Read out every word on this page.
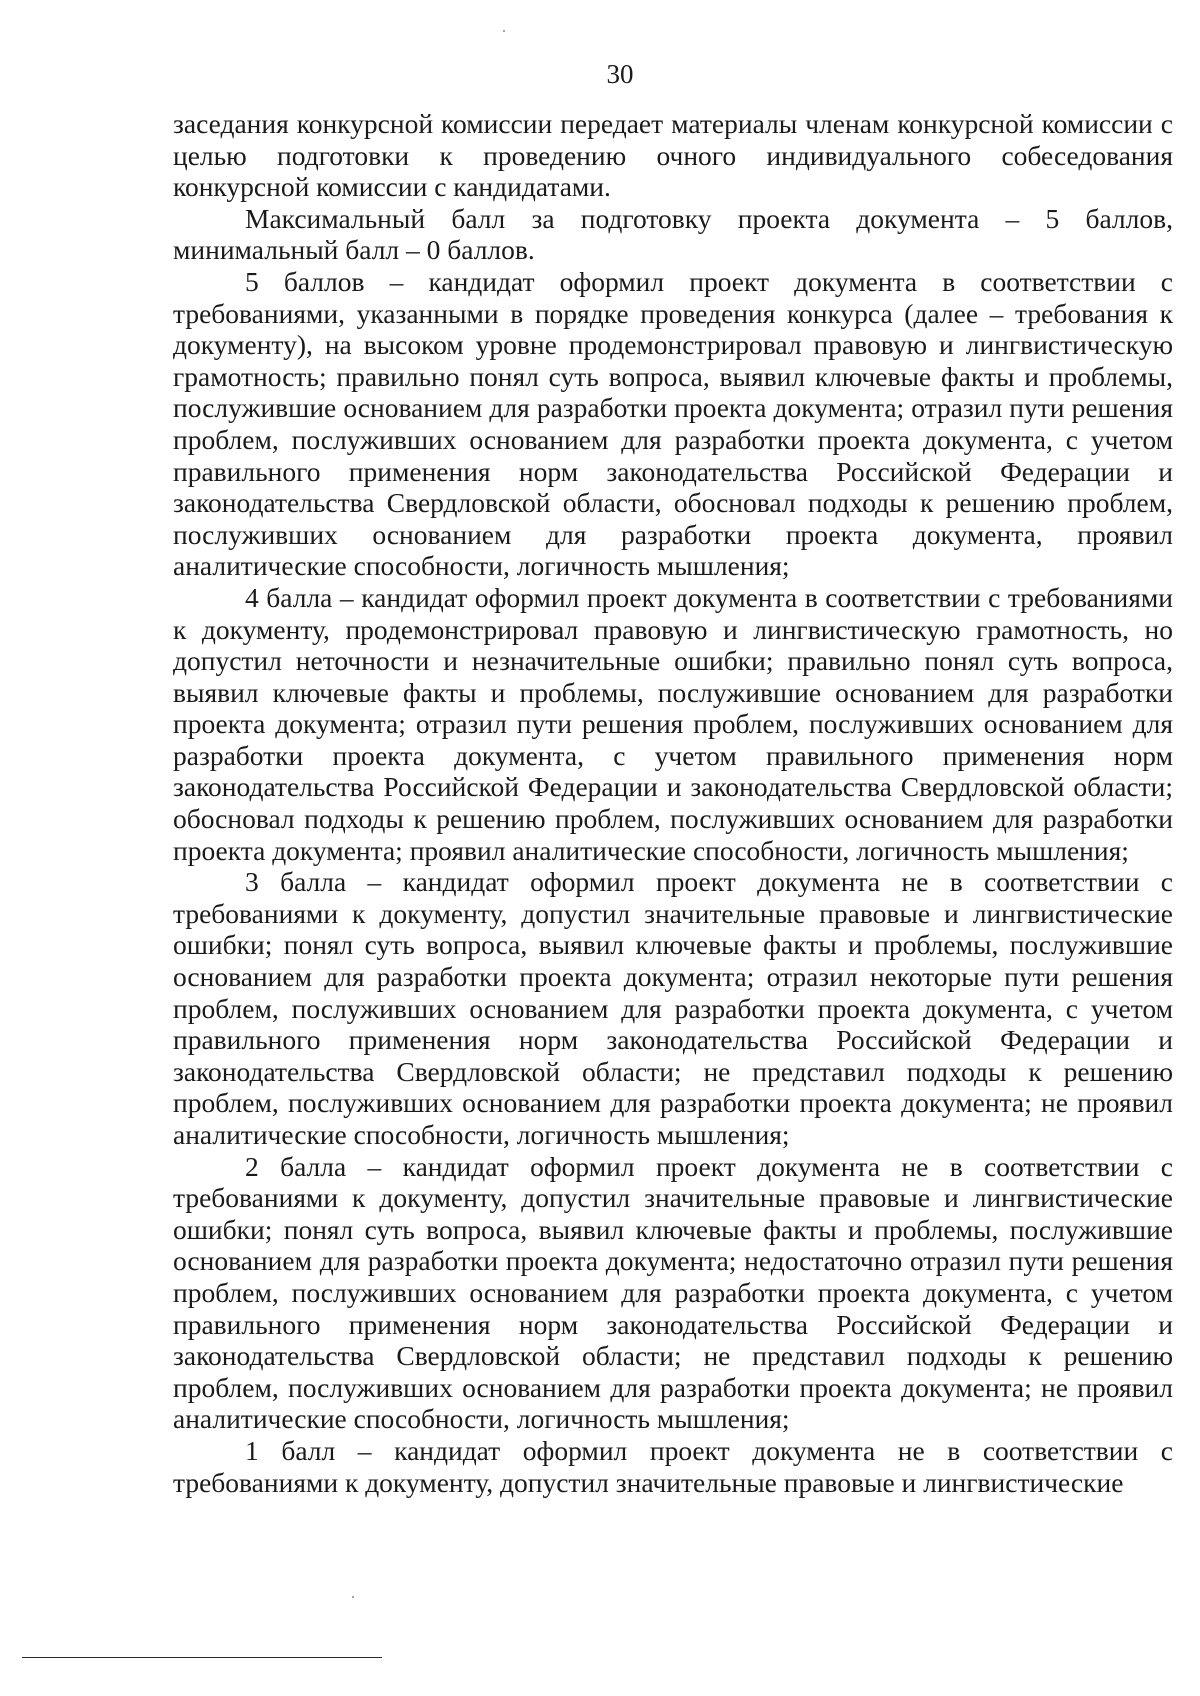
30

заседания конкурсной комиссии передает материалы членам конкурсной комиссии с целью подготовки к проведению очного индивидуального собеседования конкурсной комиссии с кандидатами.

Максимальный балл за подготовку проекта документа – 5 баллов, минимальный балл – 0 баллов.

5 баллов – кандидат оформил проект документа в соответствии с требованиями, указанными в порядке проведения конкурса (далее – требования к документу), на высоком уровне продемонстрировал правовую и лингвистическую грамотность; правильно понял суть вопроса, выявил ключевые факты и проблемы, послужившие основанием для разработки проекта документа; отразил пути решения проблем, послуживших основанием для разработки проекта документа, с учетом правильного применения норм законодательства Российской Федерации и законодательства Свердловской области, обосновал подходы к решению проблем, послуживших основанием для разработки проекта документа, проявил аналитические способности, логичность мышления;

4 балла – кандидат оформил проект документа в соответствии с требованиями к документу, продемонстрировал правовую и лингвистическую грамотность, но допустил неточности и незначительные ошибки; правильно понял суть вопроса, выявил ключевые факты и проблемы, послужившие основанием для разработки проекта документа; отразил пути решения проблем, послуживших основанием для разработки проекта документа, с учетом правильного применения норм законодательства Российской Федерации и законодательства Свердловской области; обосновал подходы к решению проблем, послуживших основанием для разработки проекта документа; проявил аналитические способности, логичность мышления;

3 балла – кандидат оформил проект документа не в соответствии с требованиями к документу, допустил значительные правовые и лингвистические ошибки; понял суть вопроса, выявил ключевые факты и проблемы, послужившие основанием для разработки проекта документа; отразил некоторые пути решения проблем, послуживших основанием для разработки проекта документа, с учетом правильного применения норм законодательства Российской Федерации и законодательства Свердловской области; не представил подходы к решению проблем, послуживших основанием для разработки проекта документа; не проявил аналитические способности, логичность мышления;

2 балла – кандидат оформил проект документа не в соответствии с требованиями к документу, допустил значительные правовые и лингвистические ошибки; понял суть вопроса, выявил ключевые факты и проблемы, послужившие основанием для разработки проекта документа; недостаточно отразил пути решения проблем, послуживших основанием для разработки проекта документа, с учетом правильного применения норм законодательства Российской Федерации и законодательства Свердловской области; не представил подходы к решению проблем, послуживших основанием для разработки проекта документа; не проявил аналитические способности, логичность мышления;

1 балл – кандидат оформил проект документа не в соответствии с требованиями к документу, допустил значительные правовые и лингвистические
